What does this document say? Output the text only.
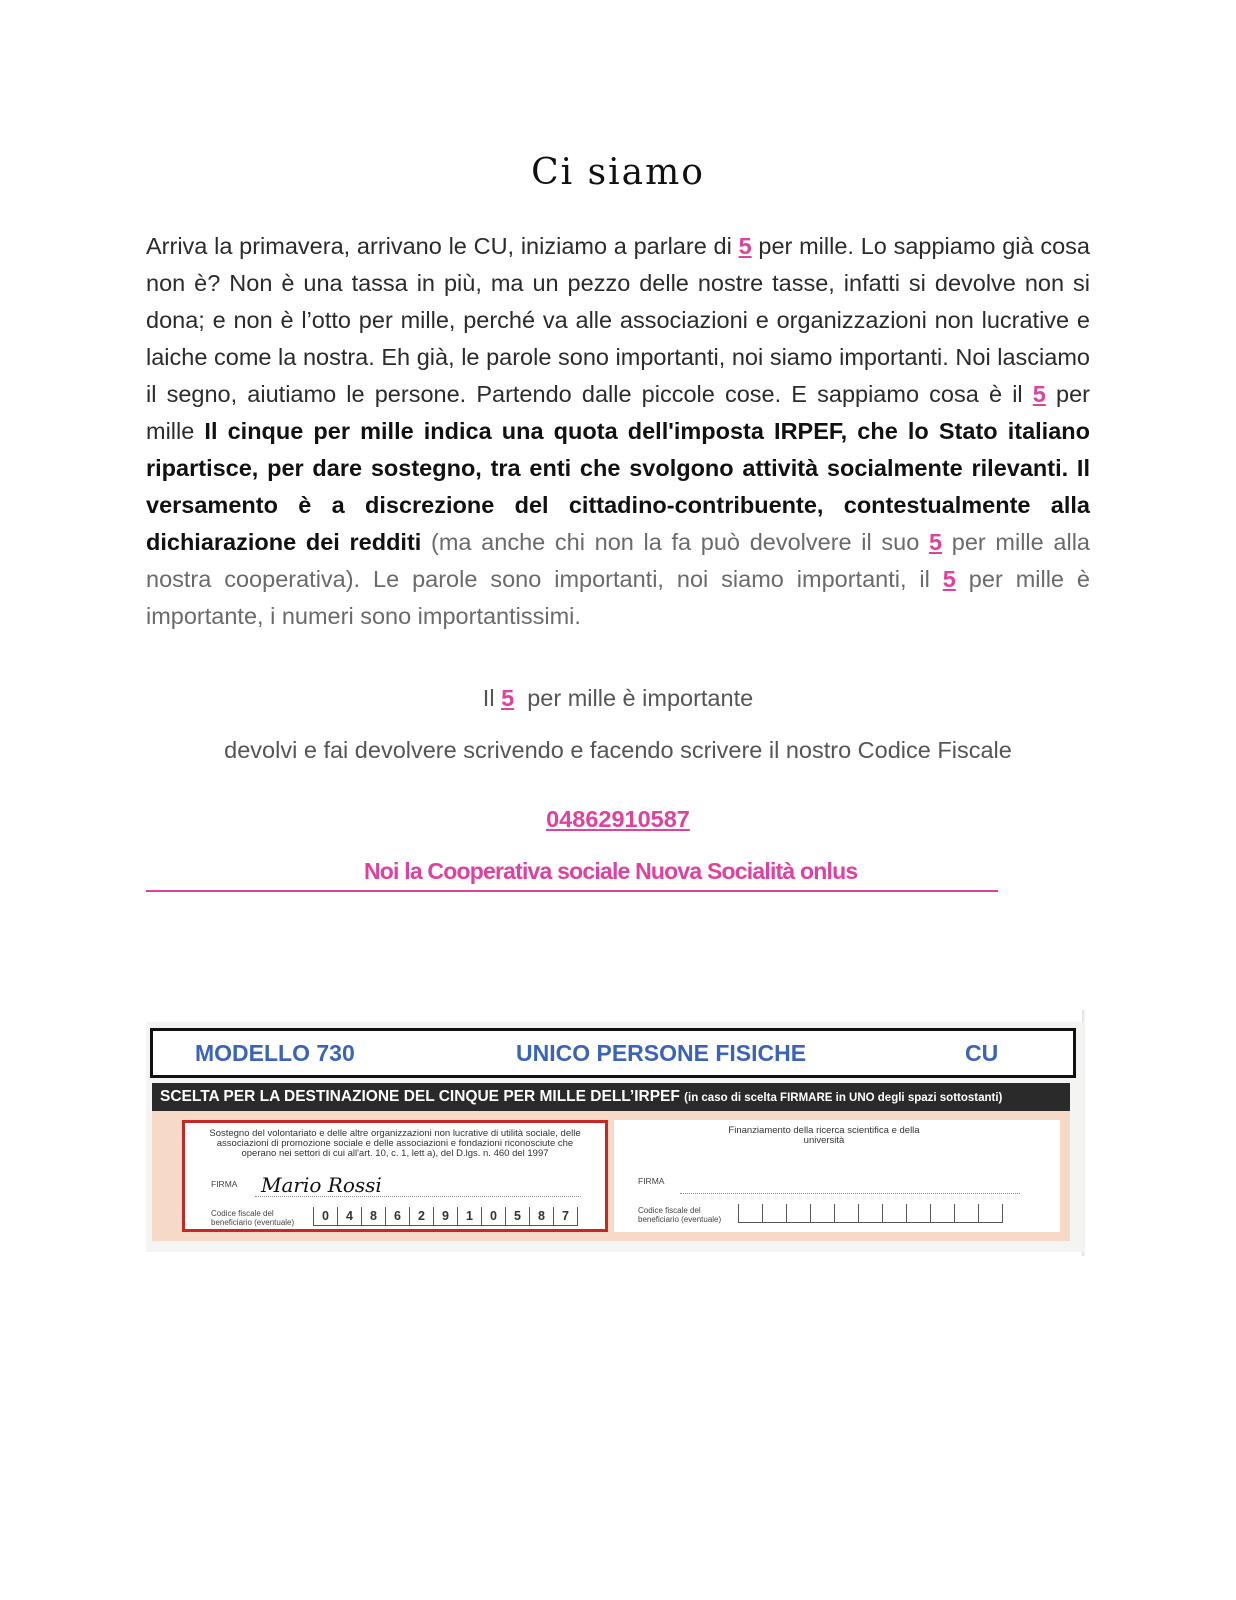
Ci siamo
Arriva la primavera, arrivano le CU, iniziamo a parlare di 5 per mille. Lo sappiamo già cosa non è? Non è una tassa in più, ma un pezzo delle nostre tasse, infatti si devolve non si dona; e non è l’otto per mille, perché va alle associazioni e organizzazioni non lucrative e laiche come la nostra. Eh già, le parole sono importanti, noi siamo importanti. Noi lasciamo il segno, aiutiamo le persone. Partendo dalle piccole cose. E sappiamo cosa è il 5 per mille Il cinque per mille indica una quota dell'imposta IRPEF, che lo Stato italiano ripartisce, per dare sostegno, tra enti che svolgono attività socialmente rilevanti. Il versamento è a discrezione del cittadino-contribuente, contestualmente alla dichiarazione dei redditi (ma anche chi non la fa può devolvere il suo 5 per mille alla nostra cooperativa). Le parole sono importanti, noi siamo importanti, il 5 per mille è importante, i numeri sono importantissimi.
Il 5  per mille è importante
devolvi e fai devolvere scrivendo e facendo scrivere il nostro Codice Fiscale
04862910587
Noi la Cooperativa sociale Nuova Socialità onlus
MODELLO 730	UNICO PERSONE FISICHE	CU
SCELTA PER LA DESTINAZIONE DEL CINQUE PER MILLE DELL’IRPEF (in caso di scelta FIRMARE in UNO degli spazi sottostanti)
Sostegno del volontariato e delle altre organizzazioni non lucrative di utilità sociale, delle associazioni di promozione sociale e delle associazioni e fondazioni riconosciute che operano nei settori di cui all'art. 10, c. 1, lett a), del D.lgs. n. 460 del 1997
FIRMA Mario Rossi
Codice fiscale del
beneficiario (eventuale)	0	4	8	6	2	9	1	0	5	8	7
Finanziamento della ricerca scientifica e della università
FIRMA
Codice fiscale del
beneficiario (eventuale)
